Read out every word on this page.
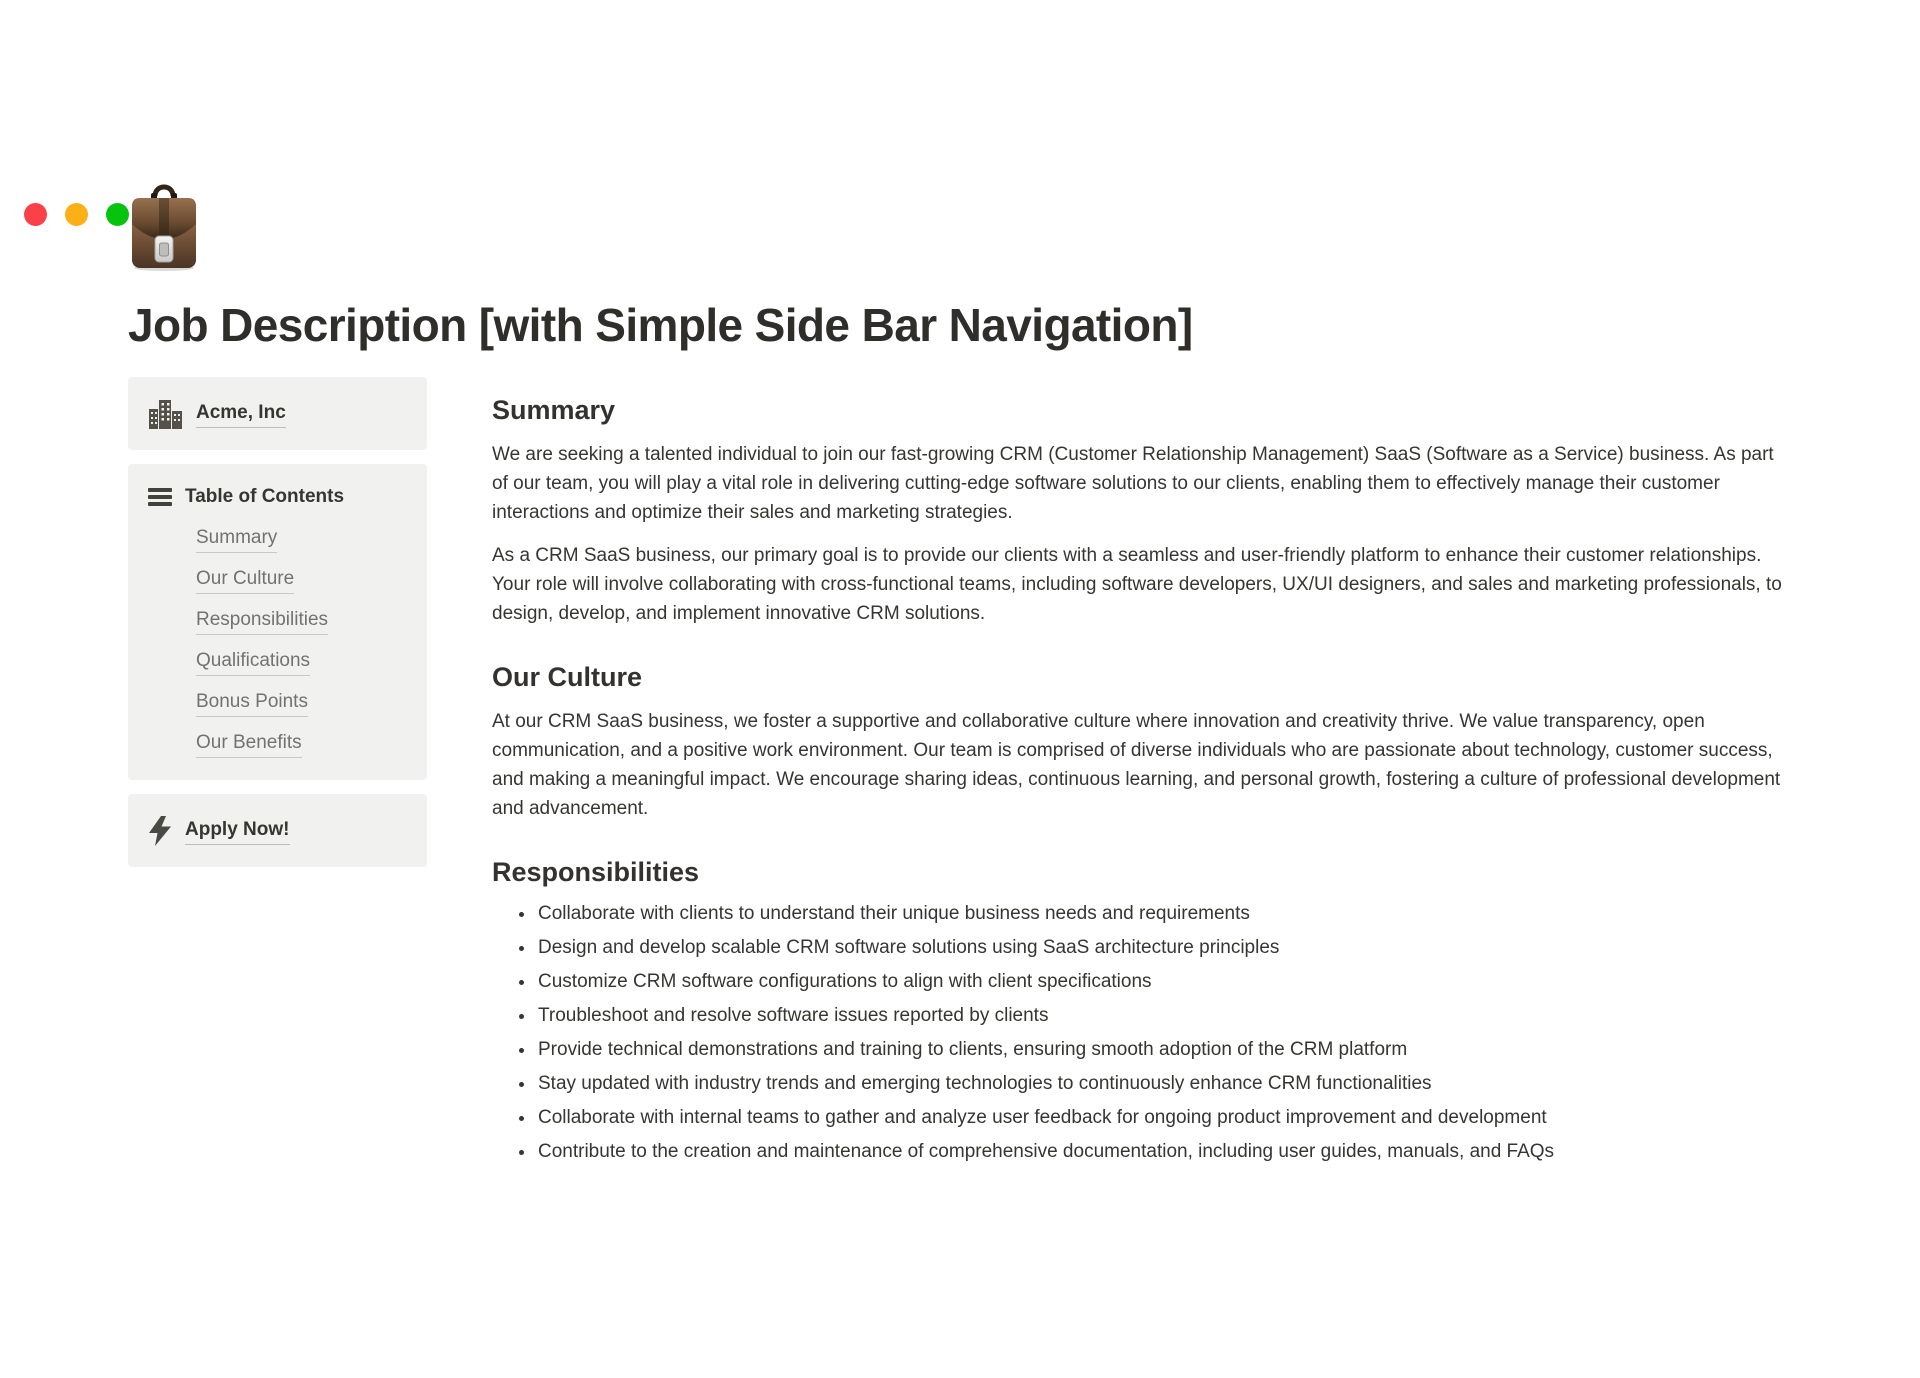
Job Description [with Simple Side Bar Navigation]
Acme, Inc
Table of Contents
Summary
Our Culture
Responsibilities
Qualifications
Bonus Points
Our Benefits
Apply Now!
Summary

We are seeking a talented individual to join our fast-growing CRM (Customer Relationship Management) SaaS (Software as a Service) business. As part of our team, you will play a vital role in delivering cutting-edge software solutions to our clients, enabling them to effectively manage their customer interactions and optimize their sales and marketing strategies.

As a CRM SaaS business, our primary goal is to provide our clients with a seamless and user-friendly platform to enhance their customer relationships. Your role will involve collaborating with cross-functional teams, including software developers, UX/UI designers, and sales and marketing professionals, to design, develop, and implement innovative CRM solutions.

Our Culture

At our CRM SaaS business, we foster a supportive and collaborative culture where innovation and creativity thrive. We value transparency, open communication, and a positive work environment. Our team is comprised of diverse individuals who are passionate about technology, customer success, and making a meaningful impact. We encourage sharing ideas, continuous learning, and personal growth, fostering a culture of professional development and advancement.

Responsibilities
• Collaborate with clients to understand their unique business needs and requirements
• Design and develop scalable CRM software solutions using SaaS architecture principles
• Customize CRM software configurations to align with client specifications
• Troubleshoot and resolve software issues reported by clients
• Provide technical demonstrations and training to clients, ensuring smooth adoption of the CRM platform
• Stay updated with industry trends and emerging technologies to continuously enhance CRM functionalities
• Collaborate with internal teams to gather and analyze user feedback for ongoing product improvement and development
• Contribute to the creation and maintenance of comprehensive documentation, including user guides, manuals, and FAQs
